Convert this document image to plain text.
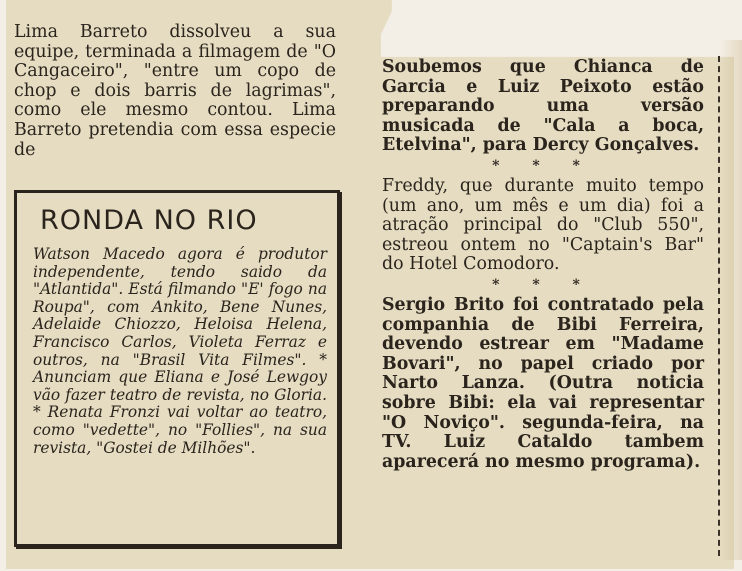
Lima Barreto dissolveu a sua equipe, terminada a filmagem de "O Cangaceiro", "entre um copo de chop e dois barris de lagrimas", como ele mesmo contou. Lima Barreto pretendia com essa especie de

RONDA NO RIO

Watson Macedo agora é produtor independente, tendo saido da "Atlantida". Está filmando "E' fogo na Roupa", com Ankito, Bene Nunes, Adelaide Chiozzo, Heloisa Helena, Francisco Carlos, Violeta Ferraz e outros, na "Brasil Vita Filmes". * Anunciam que Eliana e José Lewgoy vão fazer teatro de revista, no Gloria. * Renata Fronzi vai voltar ao teatro, como "vedette", no "Follies", na sua revista, "Gostei de Milhões".

Soubemos que Chianca de Garcia e Luiz Peixoto estão preparando uma versão musicada de "Cala a boca, Etelvina", para Dercy Gonçalves.

* * *

Freddy, que durante muito tempo (um ano, um mês e um dia) foi a atração principal do "Club 550", estreou ontem no "Captain's Bar" do Hotel Comodoro.

* * *

Sergio Brito foi contratado pela companhia de Bibi Ferreira, devendo estrear em "Madame Bovari", no papel criado por Narto Lanza. (Outra noticia sobre Bibi: ela vai representar "O Noviço". segunda-feira, na TV. Luiz Cataldo tambem aparecerá no mesmo programa).
